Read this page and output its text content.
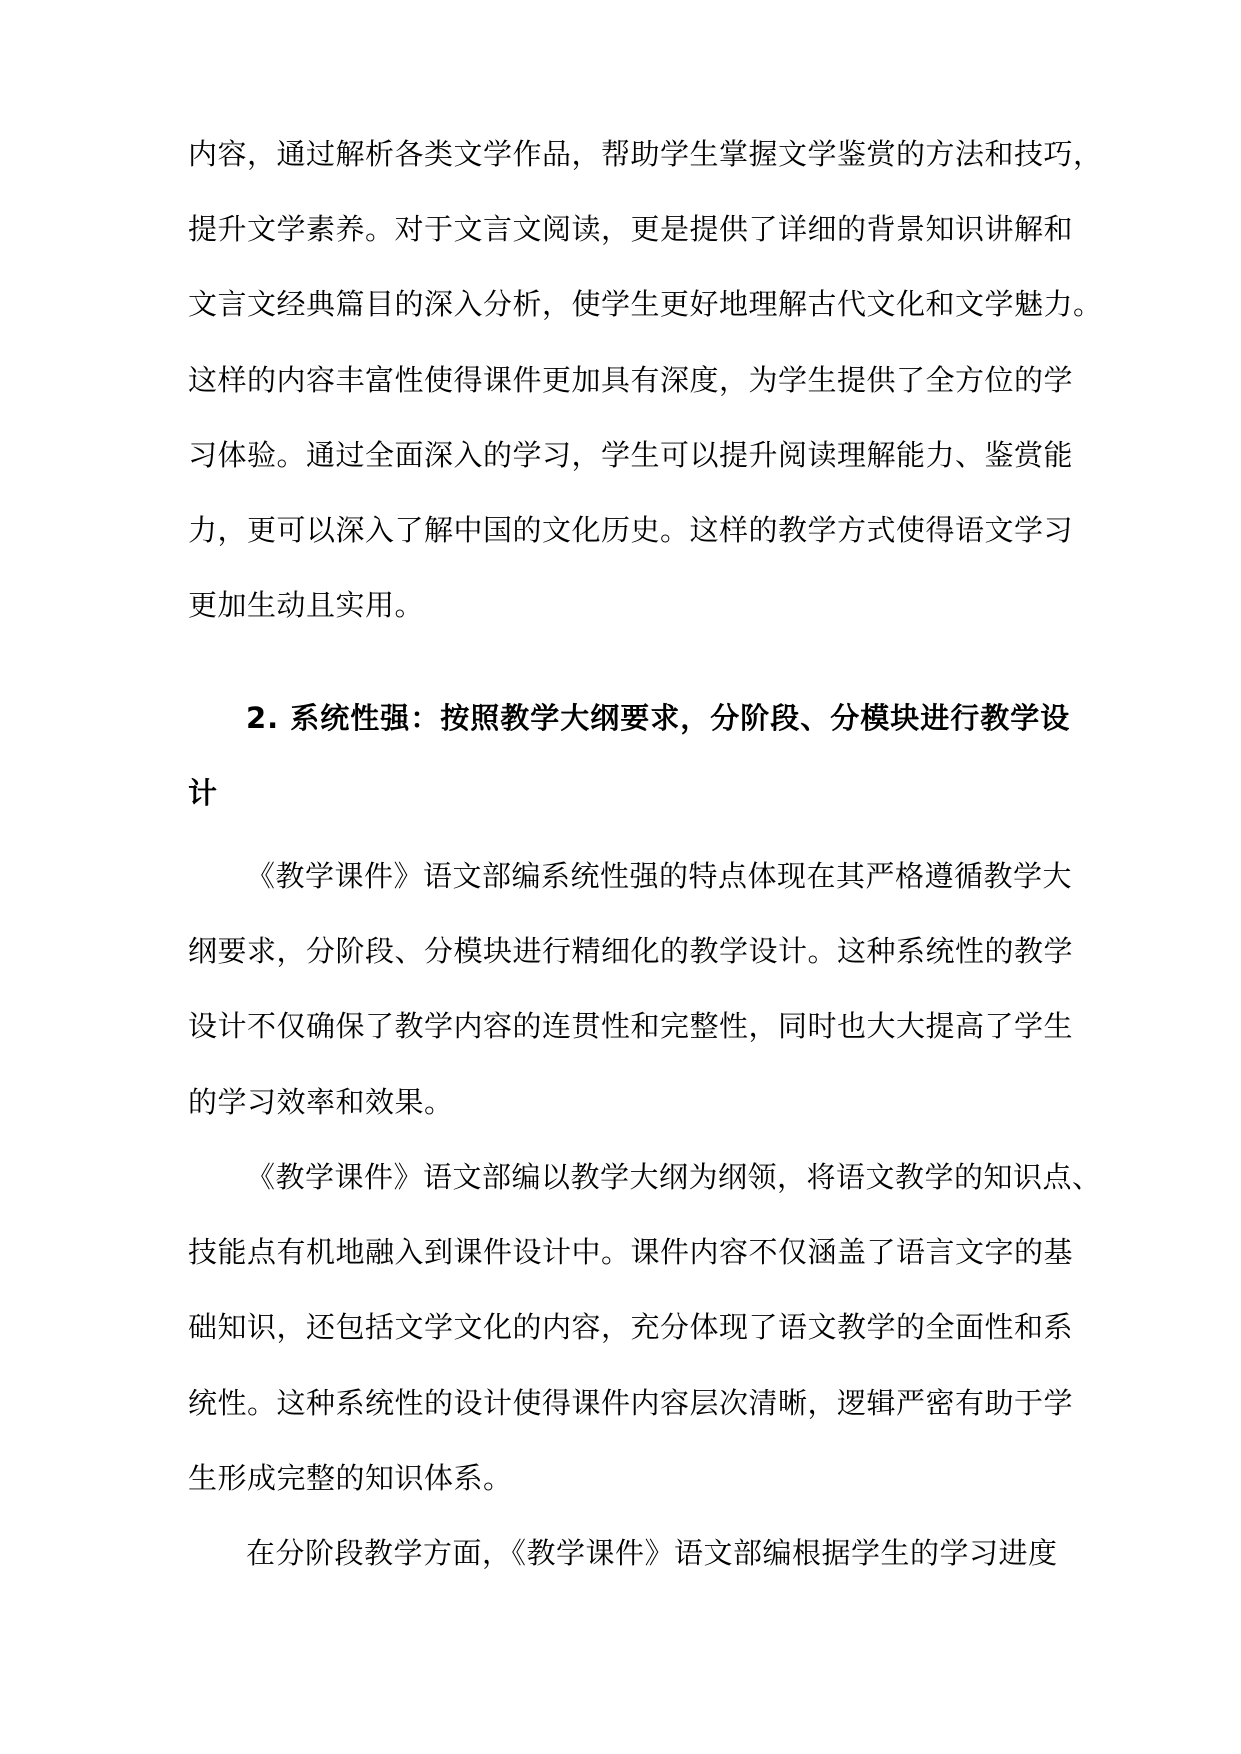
内容，通过解析各类文学作品，帮助学生掌握文学鉴赏的方法和技巧，
提升文学素养。对于文言文阅读，更是提供了详细的背景知识讲解和
文言文经典篇目的深入分析，使学生更好地理解古代文化和文学魅力。
这样的内容丰富性使得课件更加具有深度，为学生提供了全方位的学
习体验。通过全面深入的学习，学生可以提升阅读理解能力、鉴赏能
力，更可以深入了解中国的文化历史。这样的教学方式使得语文学习
更加生动且实用。
2. 系统性强：按照教学大纲要求，分阶段、分模块进行教学设
计
《教学课件》语文部编系统性强的特点体现在其严格遵循教学大
纲要求，分阶段、分模块进行精细化的教学设计。这种系统性的教学
设计不仅确保了教学内容的连贯性和完整性，同时也大大提高了学生
的学习效率和效果。
《教学课件》语文部编以教学大纲为纲领，将语文教学的知识点、
技能点有机地融入到课件设计中。课件内容不仅涵盖了语言文字的基
础知识，还包括文学文化的内容，充分体现了语文教学的全面性和系
统性。这种系统性的设计使得课件内容层次清晰，逻辑严密有助于学
生形成完整的知识体系。
在分阶段教学方面，《教学课件》语文部编根据学生的学习进度
